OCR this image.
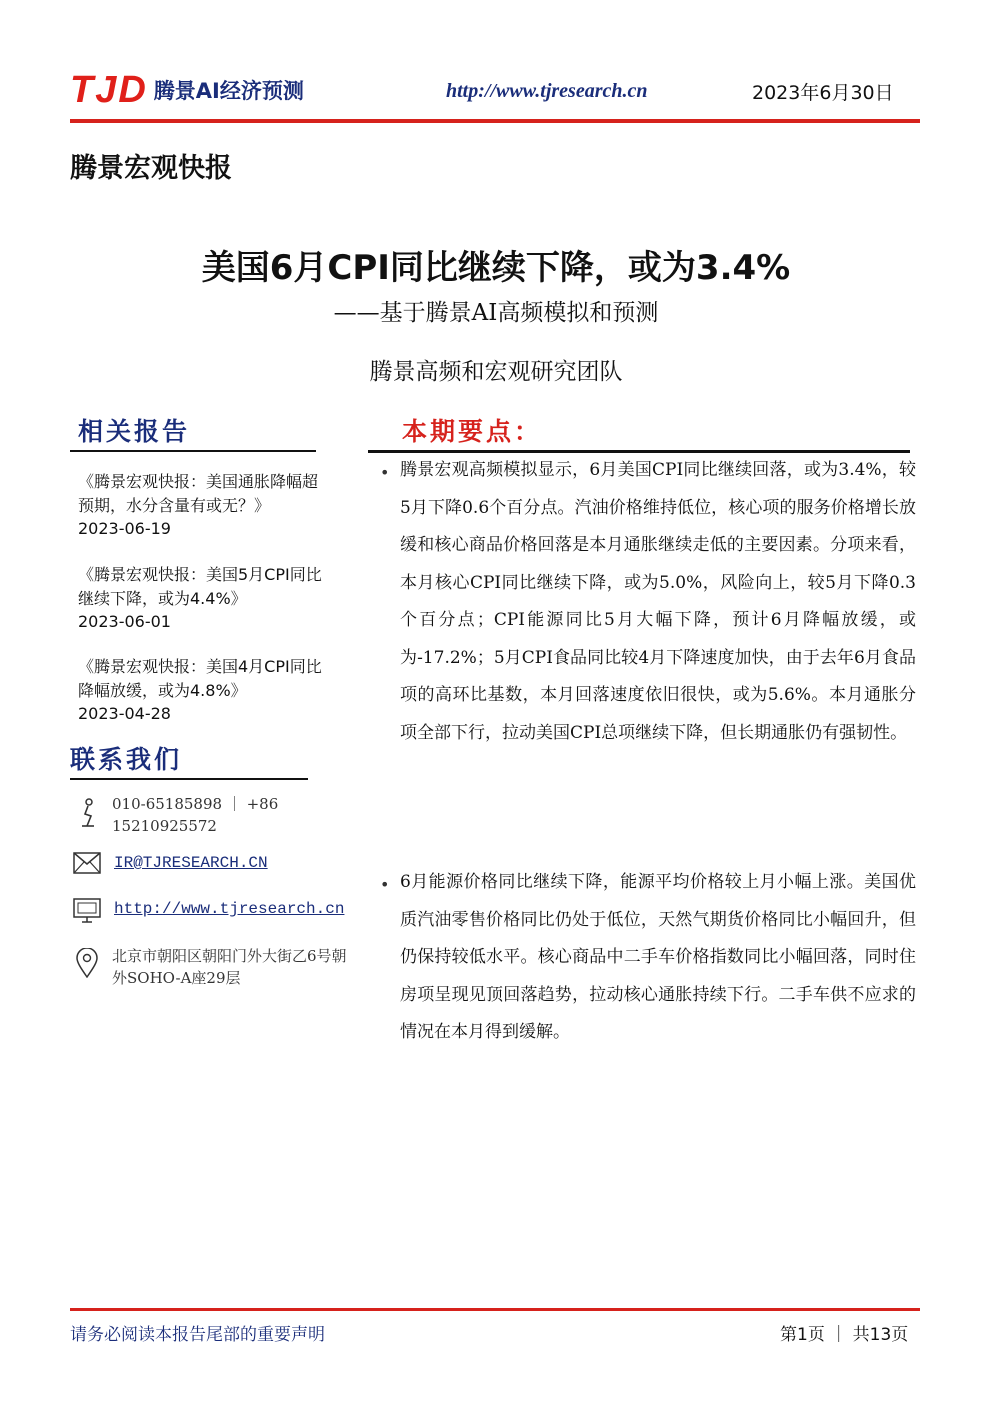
TJD 腾景AI经济预测	http://www.tjresearch.cn	2023年6月30日
腾景宏观快报
美国6月CPI同比继续下降，或为3.4%
——基于腾景AI高频模拟和预测
腾景高频和宏观研究团队
相关报告
《腾景宏观快报：美国通胀降幅超预期，水分含量有或无？》
2023-06-19
《腾景宏观快报：美国5月CPI同比继续下降，或为4.4%》
2023-06-01
《腾景宏观快报：美国4月CPI同比降幅放缓，或为4.8%》
2023-04-28
联系我们
010-65185898 ｜ +86 15210925572
IR@TJRESEARCH.CN
http://www.tjresearch.cn
北京市朝阳区朝阳门外大街乙6号朝外SOHO-A座29层
本期要点：
• 腾景宏观高频模拟显示，6月美国CPI同比继续回落，或为3.4%，较5月下降0.6个百分点。汽油价格维持低位，核心项的服务价格增长放缓和核心商品价格回落是本月通胀继续走低的主要因素。分项来看，本月核心CPI同比继续下降，或为5.0%，风险向上，较5月下降0.3个百分点；CPI能源同比5月大幅下降，预计6月降幅放缓，或为-17.2%；5月CPI食品同比较4月下降速度加快，由于去年6月食品项的高环比基数，本月回落速度依旧很快，或为5.6%。本月通胀分项全部下行，拉动美国CPI总项继续下降，但长期通胀仍有强韧性。
• 6月能源价格同比继续下降，能源平均价格较上月小幅上涨。美国优质汽油零售价格同比仍处于低位，天然气期货价格同比小幅回升，但仍保持较低水平。核心商品中二手车价格指数同比小幅回落，同时住房项呈现见顶回落趋势，拉动核心通胀持续下行。二手车供不应求的情况在本月得到缓解。
请务必阅读本报告尾部的重要声明	第1页 ｜ 共13页
